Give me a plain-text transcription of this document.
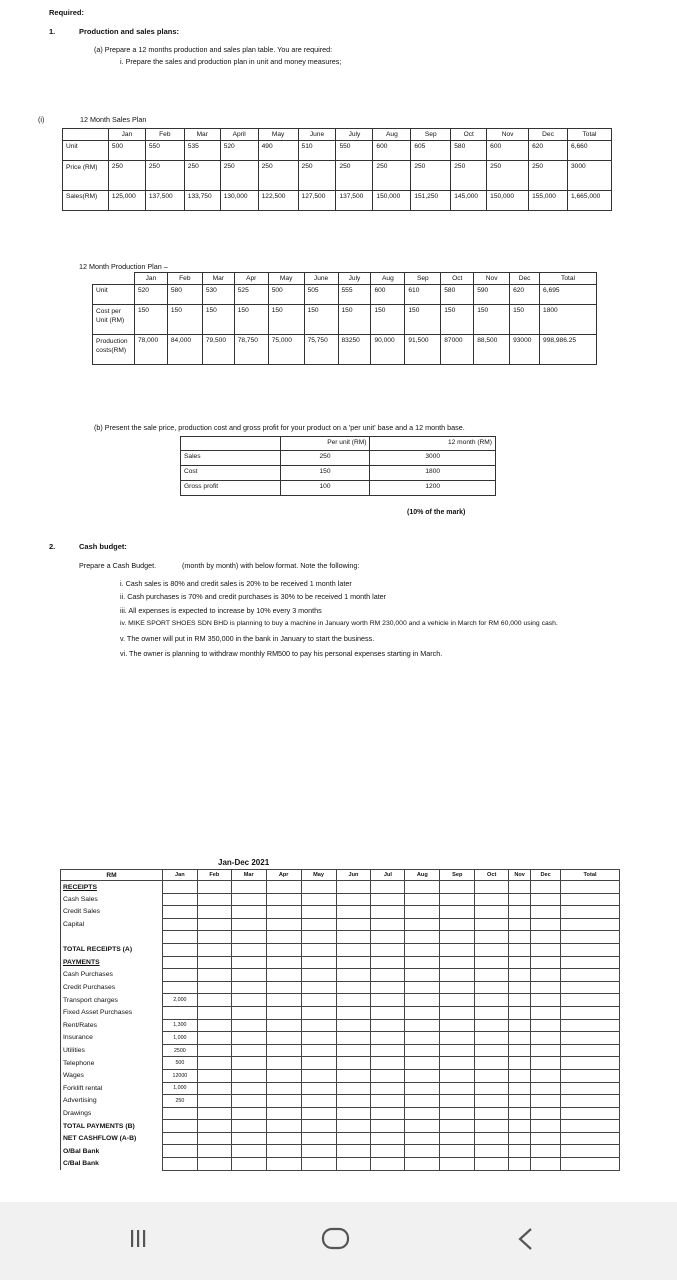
Required:
1.	Production and sales plans:
(a) Prepare a 12 months production and sales plan table. You are required:
i. Prepare the sales and production plan in unit and money measures;
(i)	12 Month Sales Plan
	Jan	Feb	Mar	April	May	June	July	Aug	Sep	Oct	Nov	Dec	Total
Unit	500	550	535	520	490	510	550	600	605	580	600	620	6,660
Price (RM)	250	250	250	250	250	250	250	250	250	250	250	250	3000
Sales(RM)	125,000	137,500	133,750	130,000	122,500	127,500	137,500	150,000	151,250	145,000	150,000	155,000	1,665,000
12 Month Production Plan –
	Jan	Feb	Mar	Apr	May	June	July	Aug	Sep	Oct	Nov	Dec	Total
Unit	520	580	530	525	500	505	555	600	610	580	590	620	6,695
Cost per Unit (RM)	150	150	150	150	150	150	150	150	150	150	150	150	1800
Production costs(RM)	78,000	84,000	79,500	78,750	75,000	75,750	83250	90,000	91,500	87000	88,500	93000	998,986.25
(b) Present the sale price, production cost and gross profit for your product on a 'per unit' base and a 12 month base.
	Per unit (RM)	12 month (RM)
Sales	250	3000
Cost	150	1800
Gross profit	100	1200
(10% of the mark)
2.	Cash budget:
Prepare a Cash Budget.	(month by month) with below format. Note the following:
i. Cash sales is 80% and credit sales is 20% to be received 1 month later
ii. Cash purchases is 70% and credit purchases is 30% to be received 1 month later
iii. All expenses is expected to increase by 10% every 3 months
iv. MIKE SPORT SHOES SDN BHD is planning to buy a machine in January worth RM 230,000 and a vehicle in March for RM 60,000 using cash.
v. The owner will put in RM 350,000 in the bank in January to start the business.
vi. The owner is planning to withdraw monthly RM500 to pay his personal expenses starting in March.
Jan-Dec 2021
RM	Jan	Feb	Mar	Apr	May	Jun	Jul	Aug	Sep	Oct	Nov	Dec	Total
RECEIPTS													
Cash Sales													
Credit Sales													
Capital													

TOTAL RECEIPTS (A)													
PAYMENTS													
Cash Purchases													
Credit Purchases													
Transport charges	2,000												
Fixed Asset Purchases													
Rent/Rates	1,300												
Insurance	1,000												
Utilities	2500												
Telephone	500												
Wages	12000												
Forklift rental	1,000												
Advertising	250												
Drawings													
TOTAL PAYMENTS (B)													
NET CASHFLOW (A-B)													
O/Bal Bank													
C/Bal Bank													
